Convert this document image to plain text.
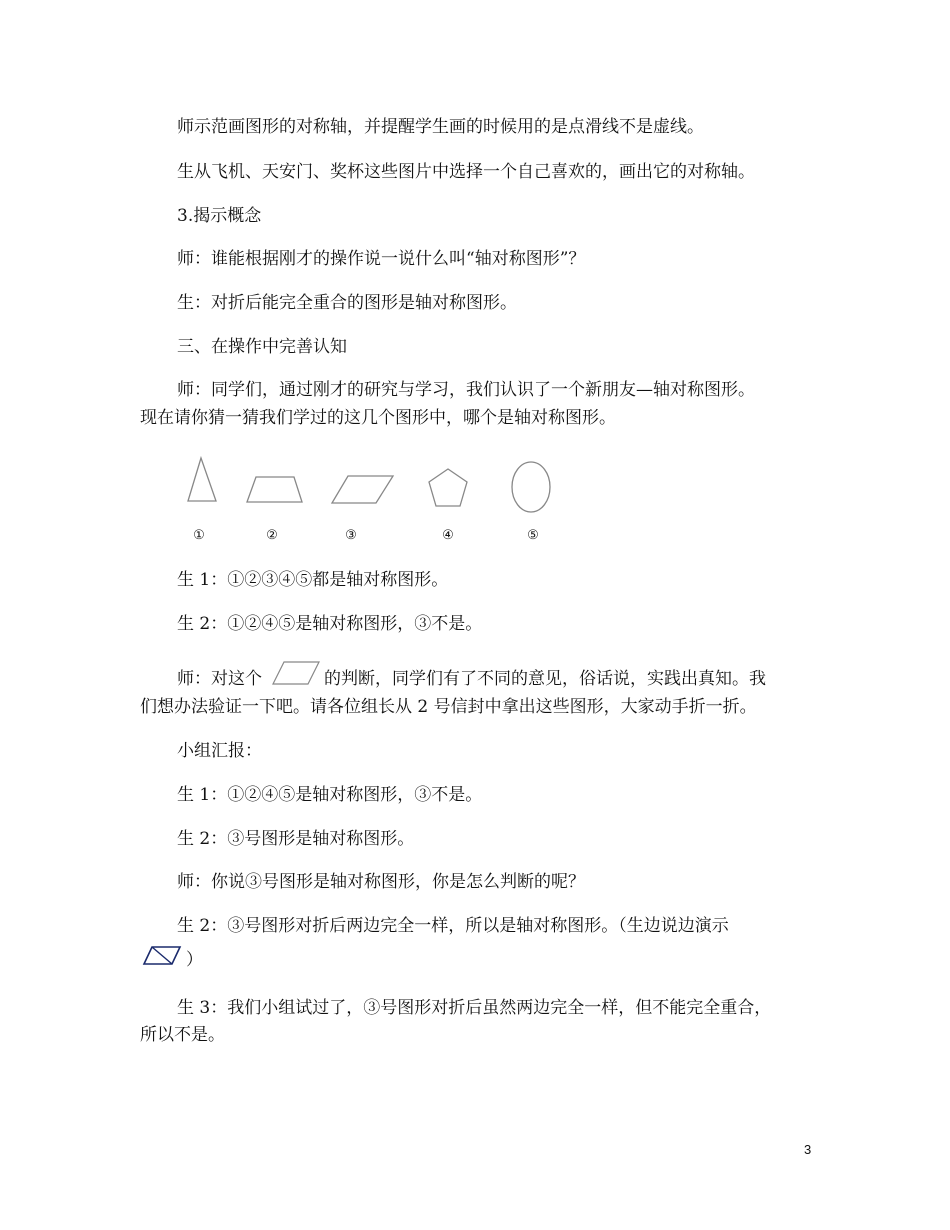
师示范画图形的对称轴，并提醒学生画的时候用的是点滑线不是虚线。

生从飞机、天安门、奖杯这些图片中选择一个自己喜欢的，画出它的对称轴。

3.揭示概念

师：谁能根据刚才的操作说一说什么叫“轴对称图形”？

生：对折后能完全重合的图形是轴对称图形。

三、在操作中完善认知

师：同学们，通过刚才的研究与学习，我们认识了一个新朋友—轴对称图形。

现在请你猜一猜我们学过的这几个图形中，哪个是轴对称图形。

①	②	③	④	⑤

生 1：①②③④⑤都是轴对称图形。

生 2：①②④⑤是轴对称图形，③不是。

师：对这个	的判断，同学们有了不同的意见，俗话说，实践出真知。我

们想办法验证一下吧。请各位组长从 2 号信封中拿出这些图形，大家动手折一折。

小组汇报：

生 1：①②④⑤是轴对称图形，③不是。

生 2：③号图形是轴对称图形。

师：你说③号图形是轴对称图形，你是怎么判断的呢？

生 2：③号图形对折后两边完全一样，所以是轴对称图形。（生边说边演示

）

生 3：我们小组试过了，③号图形对折后虽然两边完全一样，但不能完全重合，

所以不是。

3
